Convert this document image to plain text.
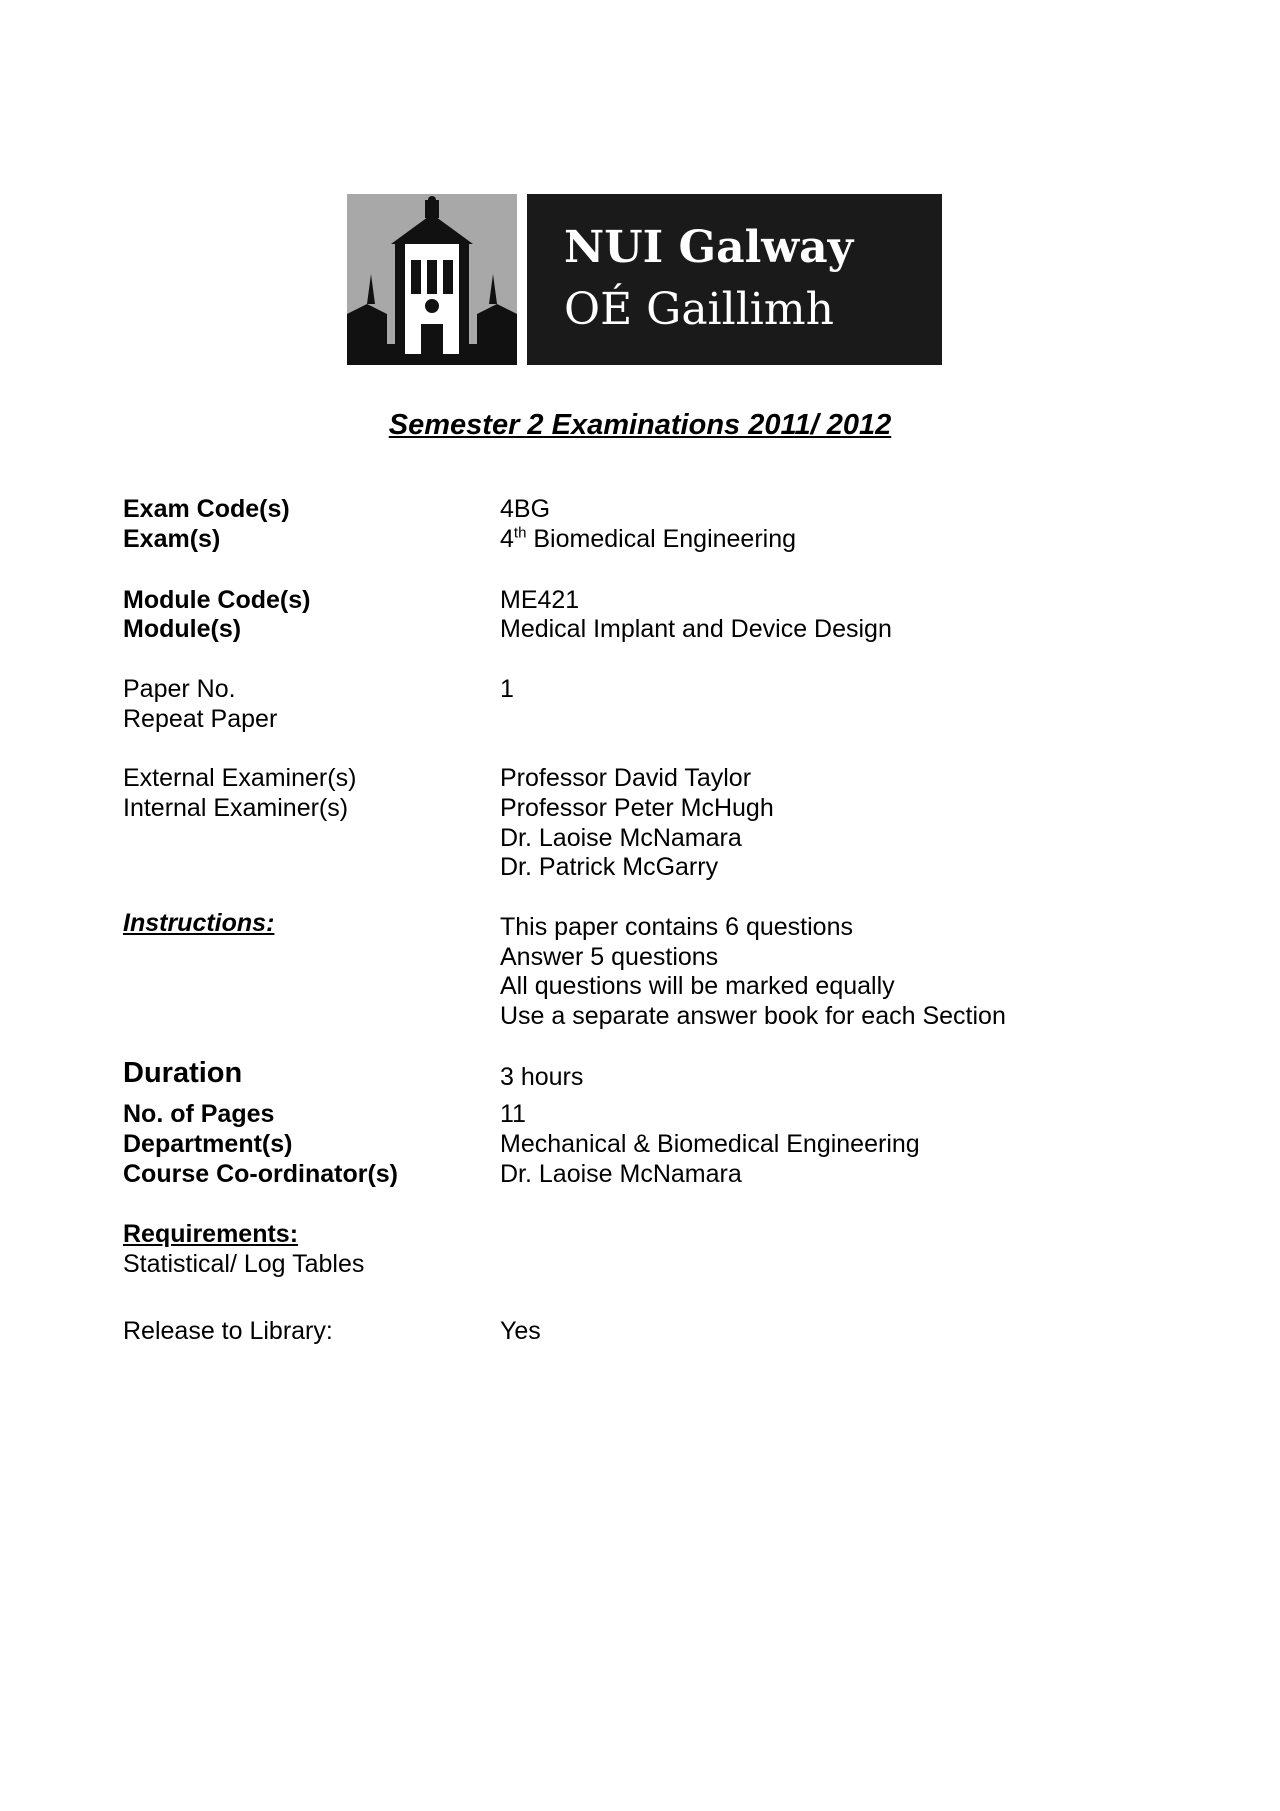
NUI Galway
OÉ Gaillimh
Semester 2 Examinations 2011/ 2012
Exam Code(s)	4BG
Exam(s)	4th Biomedical Engineering
Module Code(s)	ME421
Module(s)	Medical Implant and Device Design
Paper No.	1
Repeat Paper
External Examiner(s)	Professor David Taylor
Internal Examiner(s)	Professor Peter McHugh
Dr. Laoise McNamara
Dr. Patrick McGarry
Instructions:	This paper contains 6 questions
Answer 5 questions
All questions will be marked equally
Use a separate answer book for each Section
Duration	3 hours
No. of Pages	11
Department(s)	Mechanical & Biomedical Engineering
Course Co-ordinator(s)	Dr. Laoise McNamara
Requirements:
Statistical/ Log Tables
Release to Library:	Yes
